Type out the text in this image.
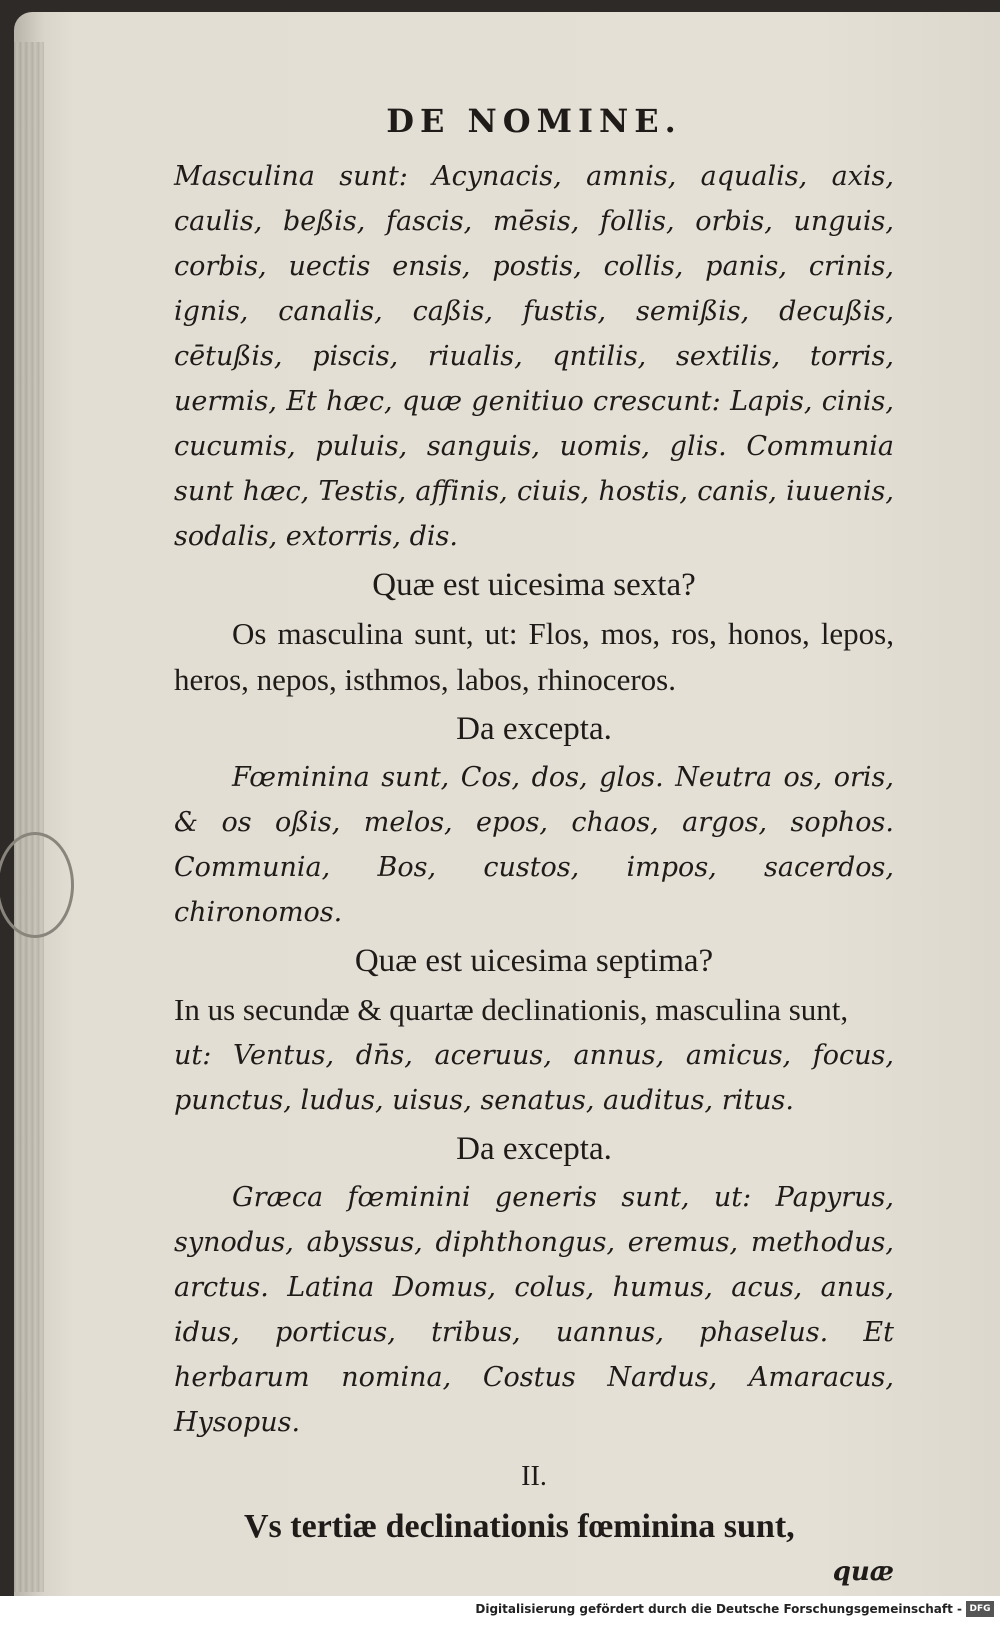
DE NOMINE.

Masculina sunt: Acynacis, amnis, aqualis, axis, caulis, beßis, fascis, mēsis, follis, orbis, unguis, corbis, uectis ensis, postis, collis, panis, crinis, ignis, canalis, caßis, fustis, semißis, decußis, cētußis, piscis, riualis, qntilis, sextilis, torris, uermis, Et hæc, quæ genitiuo crescunt: Lapis, cinis, cucumis, puluis, sanguis, uomis, glis. Communia sunt hæc, Testis, affinis, ciuis, hostis, canis, iuuenis, sodalis, extorris, dis.

Quæ est uicesima sexta?

Os masculina sunt, ut: Flos, mos, ros, honos, lepos, heros, nepos, isthmos, labos, rhinoceros.

Da excepta.

Fœminina sunt, Cos, dos, glos. Neutra os, oris, & os oßis, melos, epos, chaos, argos, sophos. Communia, Bos, custos, impos, sacerdos, chironomos.

Quæ est uicesima septima?

In us secundæ & quartæ declinationis, masculina sunt,

ut: Ventus, dn̄s, aceruus, annus, amicus, focus, punctus, ludus, uisus, senatus, auditus, ritus.

Da excepta.

Græca fœminini generis sunt, ut: Papyrus, synodus, abyssus, diphthongus, eremus, methodus, arctus. Latina Domus, colus, humus, acus, anus, idus, porticus, tribus, uannus, phaselus. Et herbarum nomina, Costus Nardus, Amaracus, Hysopus.

II.

Vs tertiæ declinationis fœminina sunt,

quæ
Digitalisierung gefördert durch die Deutsche Forschungsgemeinschaft - DFG
